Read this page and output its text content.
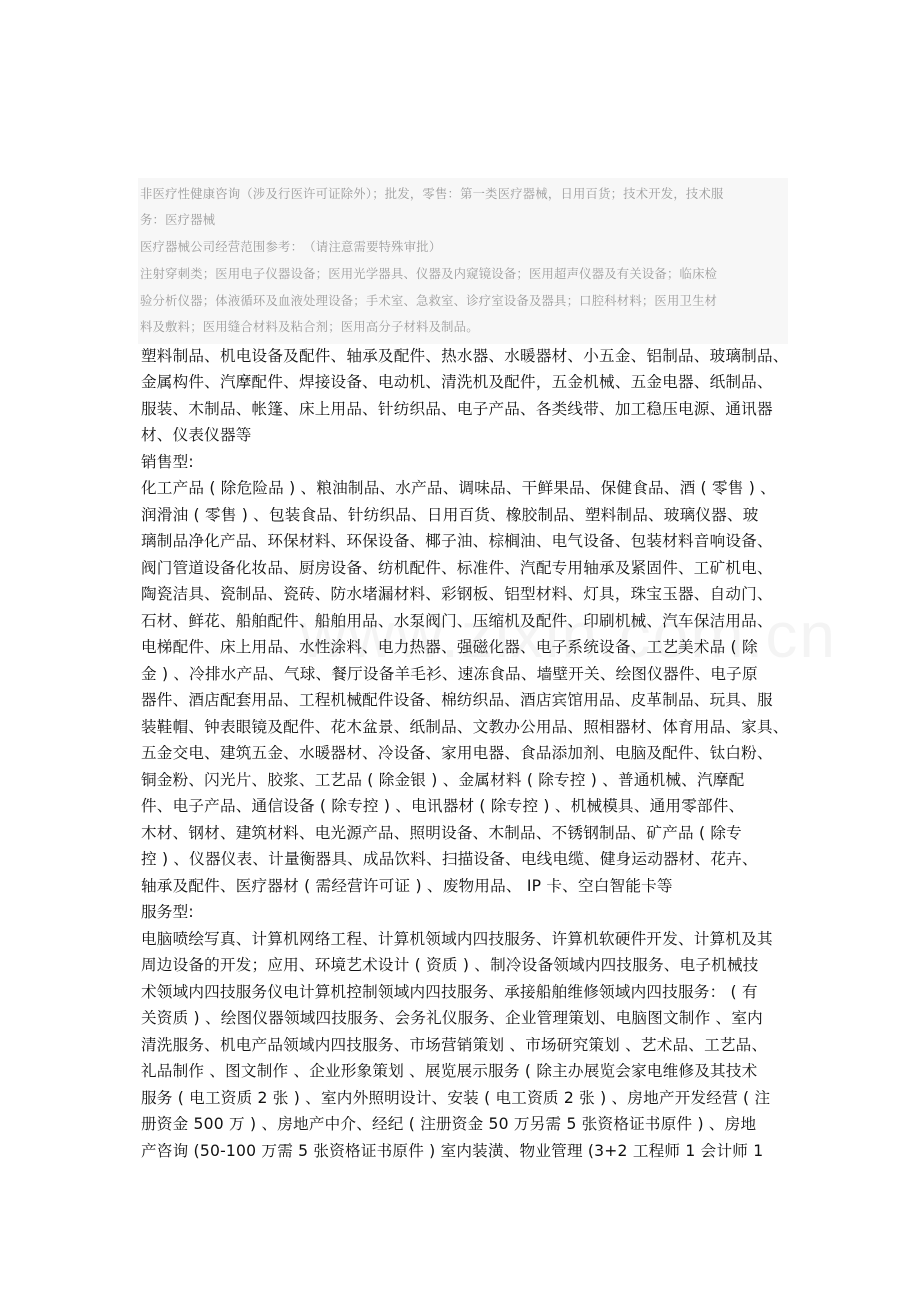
非医疗性健康咨询（涉及行医许可证除外）；批发，零售：第一类医疗器械，日用百货；技术开发，技术服
务：医疗器械
医疗器械公司经营范围参考：　（请注意需要特殊审批）
注射穿刺类；医用电子仪器设备；医用光学器具、仪器及内窥镜设备；医用超声仪器及有关设备；临床检
验分析仪器；体液循环及血液处理设备；手术室、急救室、诊疗室设备及器具；口腔科材料；医用卫生材
料及敷料；医用缝合材料及粘合剂；医用高分子材料及制品。
塑料制品、机电设备及配件、轴承及配件、热水器、水暖器材、小五金、铝制品、玻璃制品、
金属构件、汽摩配件、焊接设备、电动机、清洗机及配件，五金机械、五金电器、纸制品、
服装、木制品、帐篷、床上用品、针纺织品、电子产品、各类线带、加工稳压电源、通讯器
材、仪表仪器等
销售型:
化工产品 ( 除危险品 ) 、粮油制品、水产品、调味品、干鲜果品、保健食品、酒 ( 零售 ) 、
润滑油 ( 零售 ) 、包装食品、针纺织品、日用百货、橡胶制品、塑料制品、玻璃仪器、玻
璃制品净化产品、环保材料、环保设备、椰子油、棕榈油、电气设备、包装材料音响设备、
阀门管道设备化妆品、厨房设备、纺机配件、标准件、汽配专用轴承及紧固件、工矿机电、
陶瓷洁具、瓷制品、瓷砖、防水堵漏材料、彩钢板、铝型材料、灯具，珠宝玉器、自动门、
石材、鲜花、船舶配件、船舶用品、水泵阀门、压缩机及配件、印刷机械、汽车保洁用品、
电梯配件、床上用品、水性涂料、电力热器、强磁化器、电子系统设备、工艺美术品 ( 除
金 ) 、冷排水产品、气球、餐厅设备羊毛衫、速冻食品、墙壁开关、绘图仪器件、电子原
器件、酒店配套用品、工程机械配件设备、棉纺织品、酒店宾馆用品、皮革制品、玩具、服
装鞋帽、钟表眼镜及配件、花木盆景、纸制品、文教办公用品、照相器材、体育用品、家具、
五金交电、建筑五金、水暖器材、冷设备、家用电器、食品添加剂、电脑及配件、钛白粉、
铜金粉、闪光片、胶浆、工艺品 ( 除金银 ) 、金属材料 ( 除专控 ) 、普通机械、汽摩配
件、电子产品、通信设备 ( 除专控 ) 、电讯器材 ( 除专控 ) 、机械模具、通用零部件、
木材、钢材、建筑材料、电光源产品、照明设备、木制品、不锈钢制品、矿产品 ( 除专
控 ) 、仪器仪表、计量衡器具、成品饮料、扫描设备、电线电缆、健身运动器材、花卉、
轴承及配件、医疗器材 ( 需经营许可证 ) 、废物用品、 IP 卡、空白智能卡等
服务型:
电脑喷绘写真、计算机网络工程、计算机领域内四技服务、许算机软硬件开发、计算机及其
周边设备的开发；应用、环境艺术设计 ( 资质 ) 、制冷设备领域内四技服务、电子机械技
术领域内四技服务仪电计算机控制领域内四技服务、承接船舶维修领域内四技服务： ( 有
关资质 ) 、绘图仪器领域四技服务、会务礼仪服务、企业管理策划、电脑图文制作 、室内
清洗服务、机电产品领域内四技服务、市场营销策划 、市场研究策划 、艺术品、工艺品、
礼品制作 、图文制作 、企业形象策划 、展览展示服务 ( 除主办展览会家电维修及其技术
服务 ( 电工资质 2 张 ) 、室内外照明设计、安装 ( 电工资质 2 张 ) 、房地产开发经营 ( 注
册资金 500 万 ) 、房地产中介、经纪 ( 注册资金 50 万另需 5 张资格证书原件 ) 、房地
产咨询 (50-100 万需 5 张资格证书原件 ) 室内装潢、物业管理 (3+2 工程师 1 会计师 1
